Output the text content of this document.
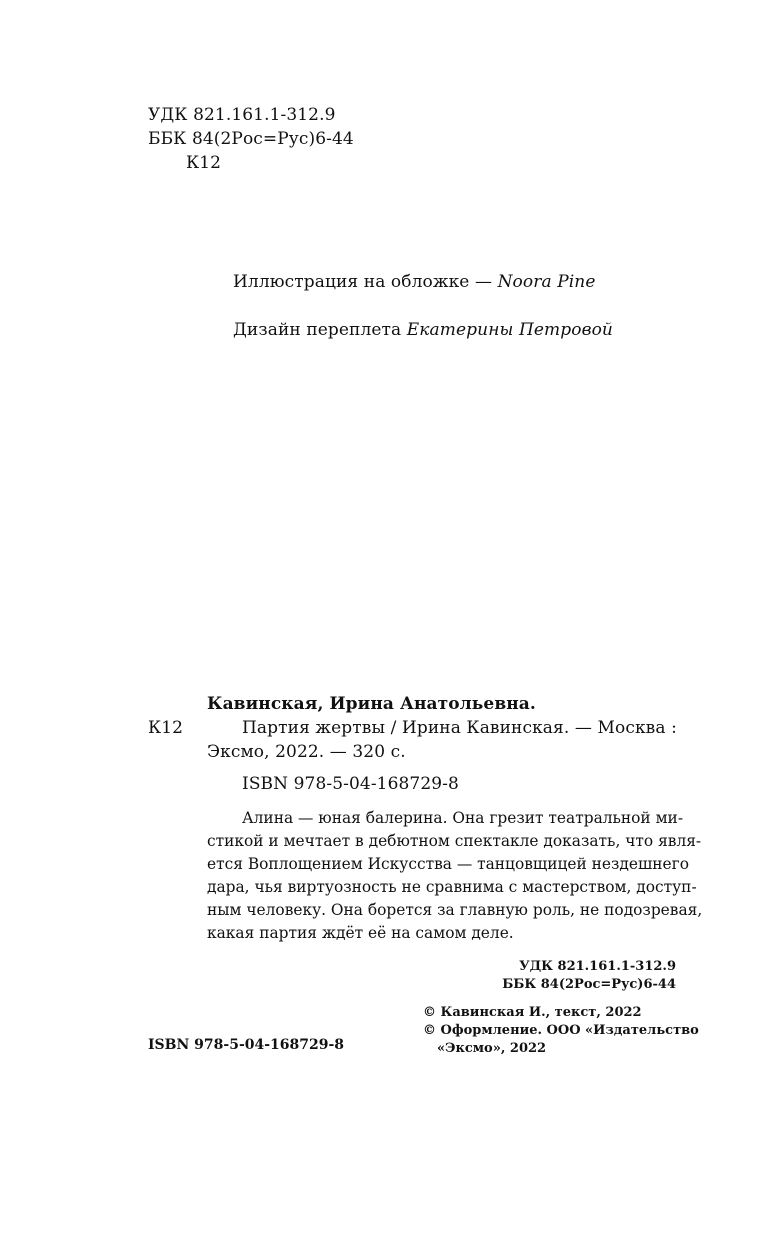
УДК 821.161.1-312.9
ББК 84(2Рос=Рус)6-44
К12
Иллюстрация на обложке — Noora Pine
Дизайн переплета Екатерины Петровой
Кавинская, Ирина Анатольевна.
К12	Партия жертвы / Ирина Кавинская. — Москва :
Эксмо, 2022. — 320 с.
ISBN 978-5-04-168729-8
Алина — юная балерина. Она грезит театральной ми-
стикой и мечтает в дебютном спектакле доказать, что явля-
ется Воплощением Искусства — танцовщицей нездешнего
дара, чья виртуозность не сравнима с мастерством, доступ-
ным человеку. Она борется за главную роль, не подозревая,
какая партия ждёт её на самом деле.
УДК 821.161.1-312.9
ББК 84(2Рос=Рус)6-44
© Кавинская И., текст, 2022
© Оформление. ООО «Издательство
«Эксмо», 2022
ISBN 978-5-04-168729-8
